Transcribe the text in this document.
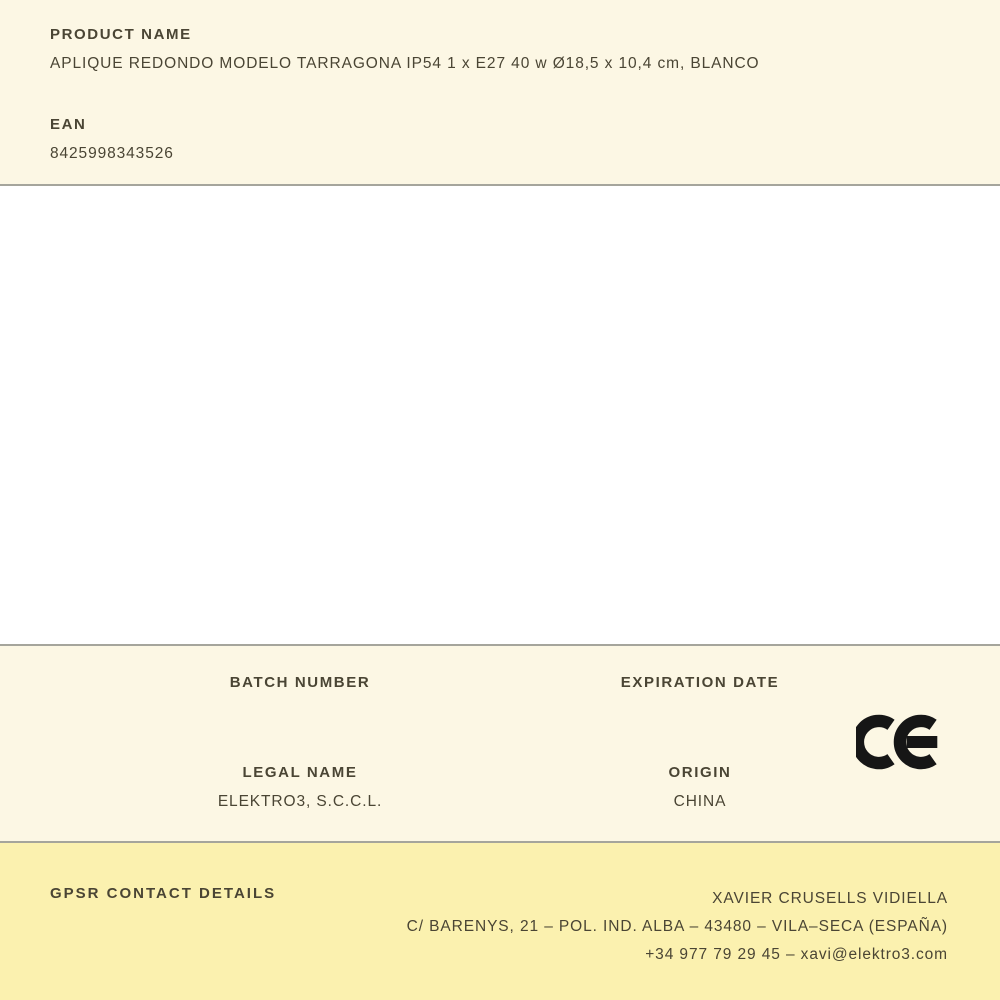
PRODUCT NAME
APLIQUE REDONDO MODELO TARRAGONA IP54 1 x E27 40 w Ø18,5 x 10,4 cm, BLANCO
EAN
8425998343526
BATCH NUMBER	EXPIRATION DATE
LEGAL NAME
ELEKTRO3, S.C.C.L.
ORIGIN
CHINA
GPSR CONTACT DETAILS	XAVIER CRUSELLS VIDIELLA
C/ BARENYS, 21 – POL. IND. ALBA – 43480 – VILA–SECA (ESPAÑA)
+34 977 79 29 45 – xavi@elektro3.com
